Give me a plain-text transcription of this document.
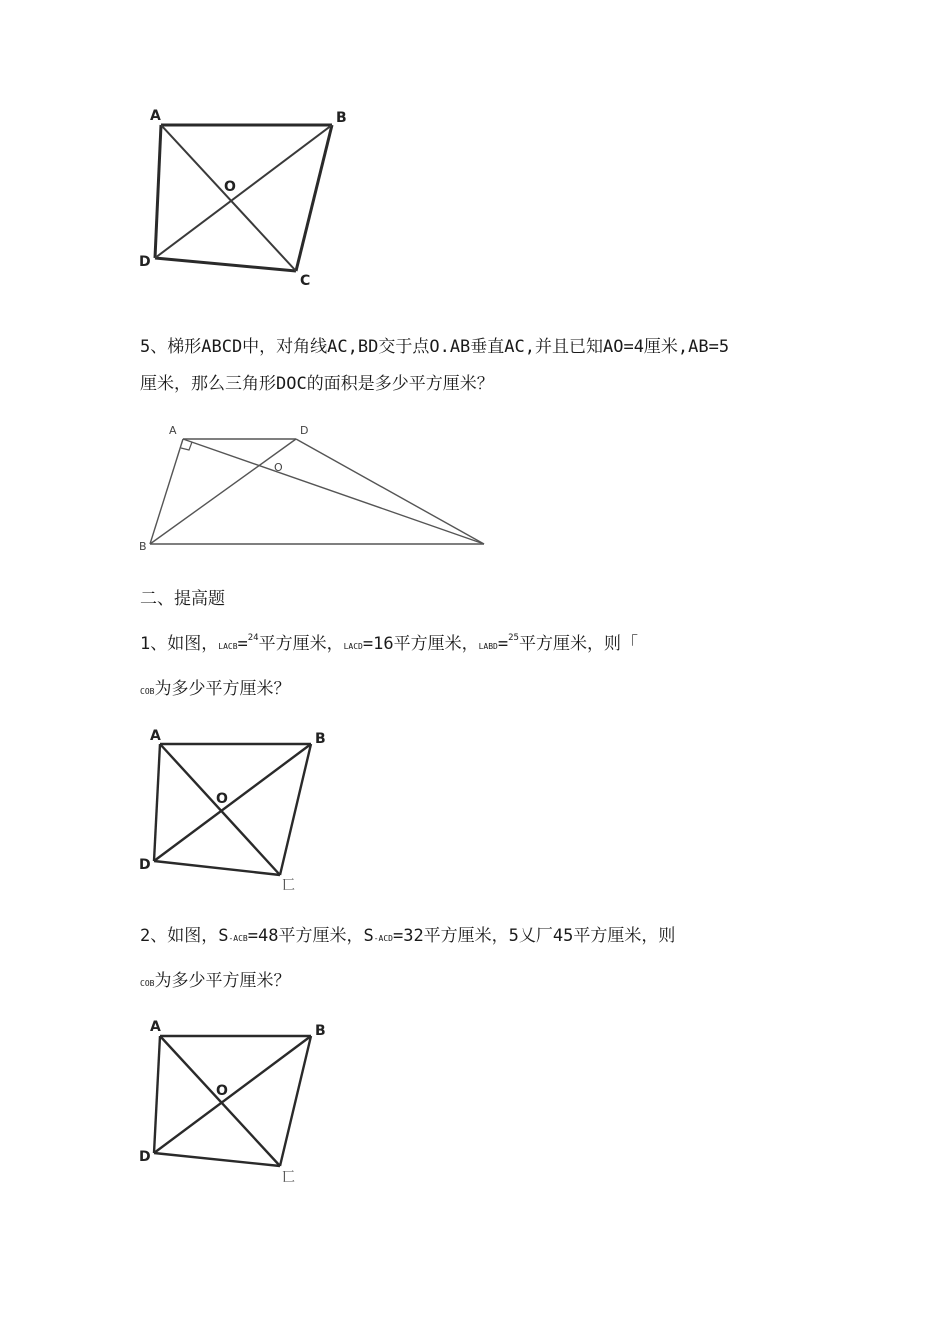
A	B
O
D
C
5、梯形ABCD中，对角线AC,BD交于点O.AB垂直AC,并且已知AO=4厘米,AB=5
厘米，那么三角形DOC的面积是多少平方厘米？
A	D
O
B
二、提高题
1、如图，LACB=$^{24}$平方厘米，LACD=16平方厘米，LABD=$^{25}$平方厘米，则「
COB为多少平方厘米？
A	B
O
D
匸
2、如图，S-ACB=48平方厘米，S-ACD=32平方厘米，5乂厂45平方厘米，则
COB为多少平方厘米？
A	B
O
D
匸
